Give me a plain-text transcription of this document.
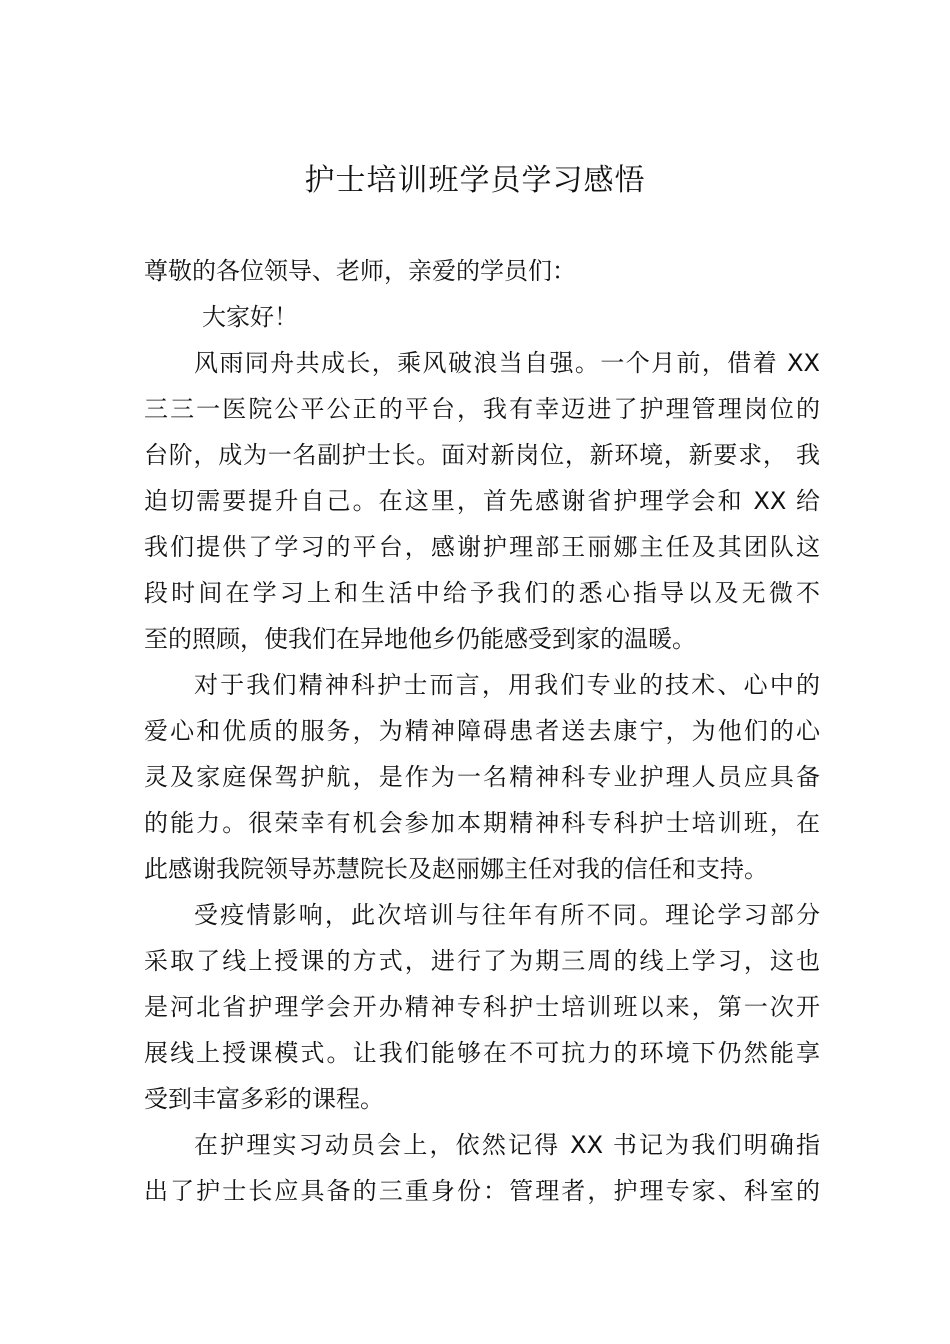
护士培训班学员学习感悟
尊敬的各位领导、老师，亲爱的学员们：
大家好！
风雨同舟共成长，乘风破浪当自强。一个月前，借着 XX
三三一医院公平公正的平台，我有幸迈进了护理管理岗位的
台阶，成为一名副护士长。面对新岗位，新环境，新要求， 我
迫切需要提升自己。在这里，首先感谢省护理学会和 XX 给
我们提供了学习的平台，感谢护理部王丽娜主任及其团队这
段时间在学习上和生活中给予我们的悉心指导以及无微不
至的照顾，使我们在异地他乡仍能感受到家的温暖。
对于我们精神科护士而言，用我们专业的技术、心中的
爱心和优质的服务，为精神障碍患者送去康宁，为他们的心
灵及家庭保驾护航，是作为一名精神科专业护理人员应具备
的能力。很荣幸有机会参加本期精神科专科护士培训班，在
此感谢我院领导苏慧院长及赵丽娜主任对我的信任和支持。
受疫情影响，此次培训与往年有所不同。理论学习部分
采取了线上授课的方式，进行了为期三周的线上学习，这也
是河北省护理学会开办精神专科护士培训班以来，第一次开
展线上授课模式。让我们能够在不可抗力的环境下仍然能享
受到丰富多彩的课程。
在护理实习动员会上，依然记得 XX 书记为我们明确指
出了护士长应具备的三重身份：管理者，护理专家、科室的
